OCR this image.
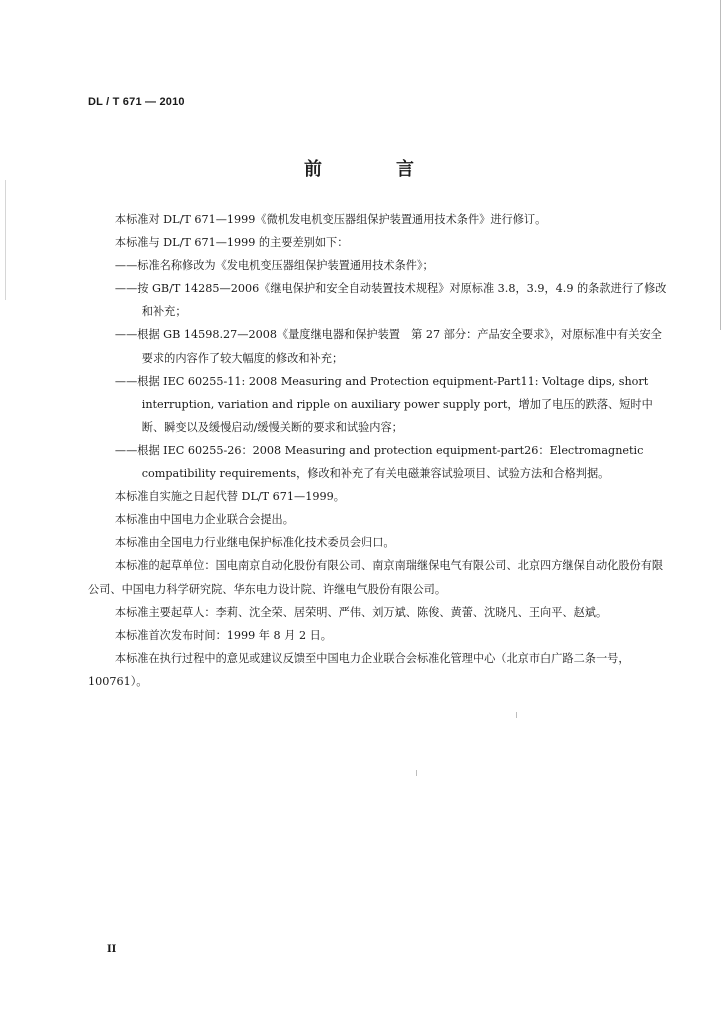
DL / T 671 — 2010
前　言

本标准对 DL/T 671—1999《微机发电机变压器组保护装置通用技术条件》进行修订。

本标准与 DL/T 671—1999 的主要差别如下：

——标准名称修改为《发电机变压器组保护装置通用技术条件》；

——按 GB/T 14285—2006《继电保护和安全自动装置技术规程》对原标准 3.8，3.9，4.9 的条款进行了修改和补充；

——根据 GB 14598.27—2008《量度继电器和保护装置　第 27 部分：产品安全要求》，对原标准中有关安全要求的内容作了较大幅度的修改和补充；

——根据 IEC 60255-11: 2008 Measuring and Protection equipment-Part11: Voltage dips, short interruption, variation and ripple on auxiliary power supply port，增加了电压的跌落、短时中断、瞬变以及缓慢启动/缓慢关断的要求和试验内容；

——根据 IEC 60255-26：2008 Measuring and protection equipment-part26：Electromagnetic compatibility requirements，修改和补充了有关电磁兼容试验项目、试验方法和合格判据。

本标准自实施之日起代替 DL/T 671—1999。

本标准由中国电力企业联合会提出。

本标准由全国电力行业继电保护标准化技术委员会归口。

本标准的起草单位：国电南京自动化股份有限公司、南京南瑞继保电气有限公司、北京四方继保自动化股份有限公司、中国电力科学研究院、华东电力设计院、许继电气股份有限公司。

本标准主要起草人：李莉、沈全荣、居荣明、严伟、刘万斌、陈俊、黄蕾、沈晓凡、王向平、赵斌。

本标准首次发布时间：1999 年 8 月 2 日。

本标准在执行过程中的意见或建议反馈至中国电力企业联合会标准化管理中心（北京市白广路二条一号，100761）。

II
